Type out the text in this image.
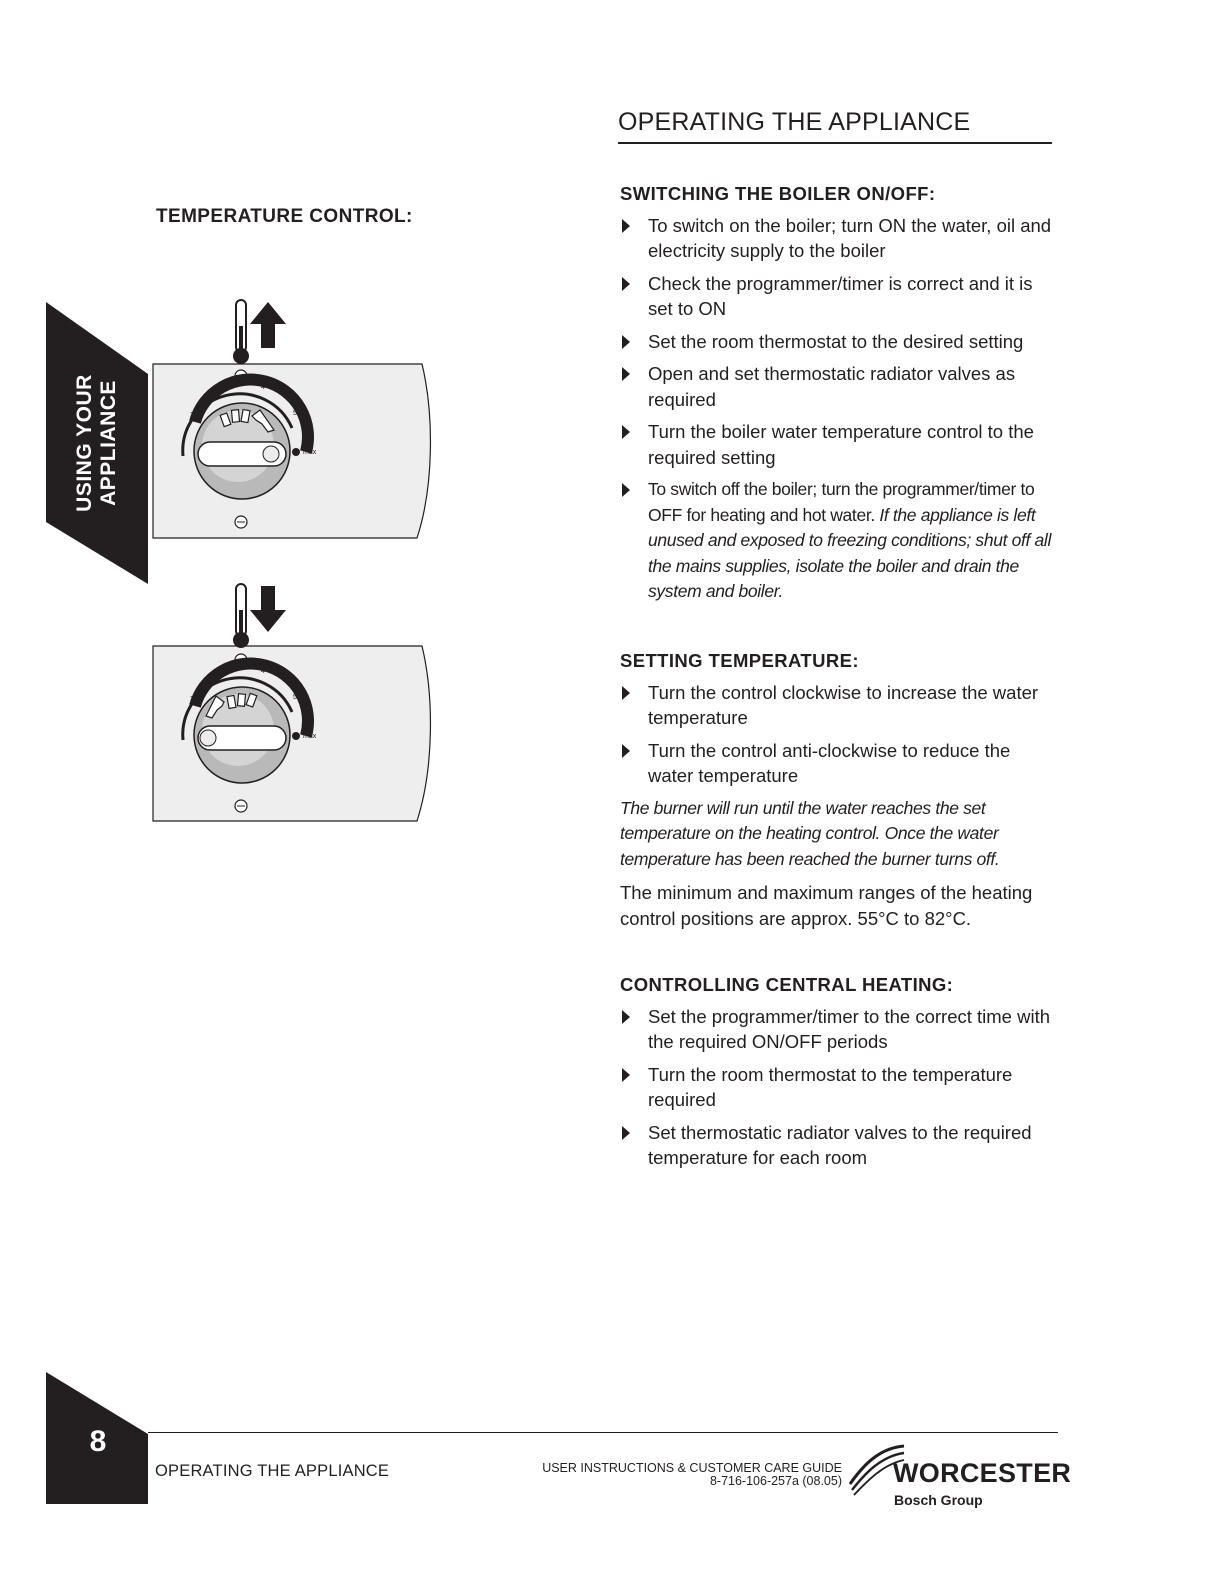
USING YOUR APPLIANCE
TEMPERATURE CONTROL:
1
2
3	4
5
max
1
2
3	4
5
max
OPERATING THE APPLIANCE
SWITCHING THE BOILER ON/OFF:
To switch on the boiler; turn ON the water, oil and electricity supply to the boiler
Check the programmer/timer is correct and it is set to ON
Set the room thermostat to the desired setting
Open and set thermostatic radiator valves as required
Turn the boiler water temperature control to the required setting
To switch off the boiler; turn the programmer/timer to OFF for heating and hot water. If the appliance is left unused and exposed to freezing conditions; shut off all the mains supplies, isolate the boiler and drain the system and boiler.
SETTING TEMPERATURE:
Turn the control clockwise to increase the water temperature
Turn the control anti-clockwise to reduce the water temperature

The burner will run until the water reaches the set temperature on the heating control. Once the water temperature has been reached the burner turns off.

The minimum and maximum ranges of the heating control positions are approx. 55°C to 82°C.

CONTROLLING CENTRAL HEATING:
Set the programmer/timer to the correct time with the required ON/OFF periods
Turn the room thermostat to the temperature required
Set thermostatic radiator valves to the required temperature for each room
8
OPERATING THE APPLIANCE	USER INSTRUCTIONS & CUSTOMER CARE GUIDE
8-716-106-257a (08.05) WORCESTER
Bosch Group
